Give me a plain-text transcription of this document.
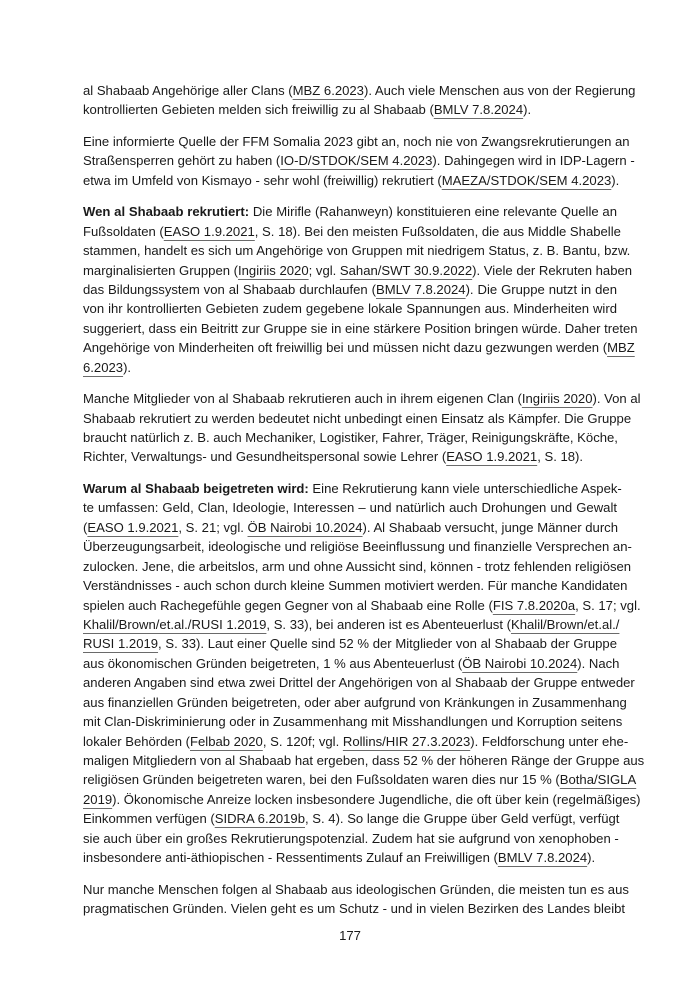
al Shabaab Angehörige aller Clans (MBZ 6.2023). Auch viele Menschen aus von der Regierung
kontrollierten Gebieten melden sich freiwillig zu al Shabaab (BMLV 7.8.2024).
Eine informierte Quelle der FFM Somalia 2023 gibt an, noch nie von Zwangsrekrutierungen an
Straßensperren gehört zu haben (IO-D/STDOK/SEM 4.2023). Dahingegen wird in IDP-Lagern -
etwa im Umfeld von Kismayo - sehr wohl (freiwillig) rekrutiert (MAEZA/STDOK/SEM 4.2023).
Wen al Shabaab rekrutiert: Die Mirifle (Rahanweyn) konstituieren eine relevante Quelle an
Fußsoldaten (EASO 1.9.2021, S. 18). Bei den meisten Fußsoldaten, die aus Middle Shabelle
stammen, handelt es sich um Angehörige von Gruppen mit niedrigem Status, z. B. Bantu, bzw.
marginalisierten Gruppen (Ingiriis 2020; vgl. Sahan/SWT 30.9.2022). Viele der Rekruten haben
das Bildungssystem von al Shabaab durchlaufen (BMLV 7.8.2024). Die Gruppe nutzt in den
von ihr kontrollierten Gebieten zudem gegebene lokale Spannungen aus. Minderheiten wird
suggeriert, dass ein Beitritt zur Gruppe sie in eine stärkere Position bringen würde. Daher treten
Angehörige von Minderheiten oft freiwillig bei und müssen nicht dazu gezwungen werden (MBZ
6.2023).
Manche Mitglieder von al Shabaab rekrutieren auch in ihrem eigenen Clan (Ingiriis 2020). Von al
Shabaab rekrutiert zu werden bedeutet nicht unbedingt einen Einsatz als Kämpfer. Die Gruppe
braucht natürlich z. B. auch Mechaniker, Logistiker, Fahrer, Träger, Reinigungskräfte, Köche,
Richter, Verwaltungs- und Gesundheitspersonal sowie Lehrer (EASO 1.9.2021, S. 18).
Warum al Shabaab beigetreten wird: Eine Rekrutierung kann viele unterschiedliche Aspek-
te umfassen: Geld, Clan, Ideologie, Interessen – und natürlich auch Drohungen und Gewalt
(EASO 1.9.2021, S. 21; vgl. ÖB Nairobi 10.2024). Al Shabaab versucht, junge Männer durch
Überzeugungsarbeit, ideologische und religiöse Beeinflussung und finanzielle Versprechen an-
zulocken. Jene, die arbeitslos, arm und ohne Aussicht sind, können - trotz fehlenden religiösen
Verständnisses - auch schon durch kleine Summen motiviert werden. Für manche Kandidaten
spielen auch Rachegefühle gegen Gegner von al Shabaab eine Rolle (FIS 7.8.2020a, S. 17; vgl.
Khalil/Brown/et.al./RUSI 1.2019, S. 33), bei anderen ist es Abenteuerlust (Khalil/Brown/et.al./
RUSI 1.2019, S. 33). Laut einer Quelle sind 52 % der Mitglieder von al Shabaab der Gruppe
aus ökonomischen Gründen beigetreten, 1 % aus Abenteuerlust (ÖB Nairobi 10.2024). Nach
anderen Angaben sind etwa zwei Drittel der Angehörigen von al Shabaab der Gruppe entweder
aus finanziellen Gründen beigetreten, oder aber aufgrund von Kränkungen in Zusammenhang
mit Clan-Diskriminierung oder in Zusammenhang mit Misshandlungen und Korruption seitens
lokaler Behörden (Felbab 2020, S. 120f; vgl. Rollins/HIR 27.3.2023). Feldforschung unter ehe-
maligen Mitgliedern von al Shabaab hat ergeben, dass 52 % der höheren Ränge der Gruppe aus
religiösen Gründen beigetreten waren, bei den Fußsoldaten waren dies nur 15 % (Botha/SIGLA
2019). Ökonomische Anreize locken insbesondere Jugendliche, die oft über kein (regelmäßiges)
Einkommen verfügen (SIDRA 6.2019b, S. 4). So lange die Gruppe über Geld verfügt, verfügt
sie auch über ein großes Rekrutierungspotenzial. Zudem hat sie aufgrund von xenophoben -
insbesondere anti-äthiopischen - Ressentiments Zulauf an Freiwilligen (BMLV 7.8.2024).
Nur manche Menschen folgen al Shabaab aus ideologischen Gründen, die meisten tun es aus
pragmatischen Gründen. Vielen geht es um Schutz - und in vielen Bezirken des Landes bleibt
177
